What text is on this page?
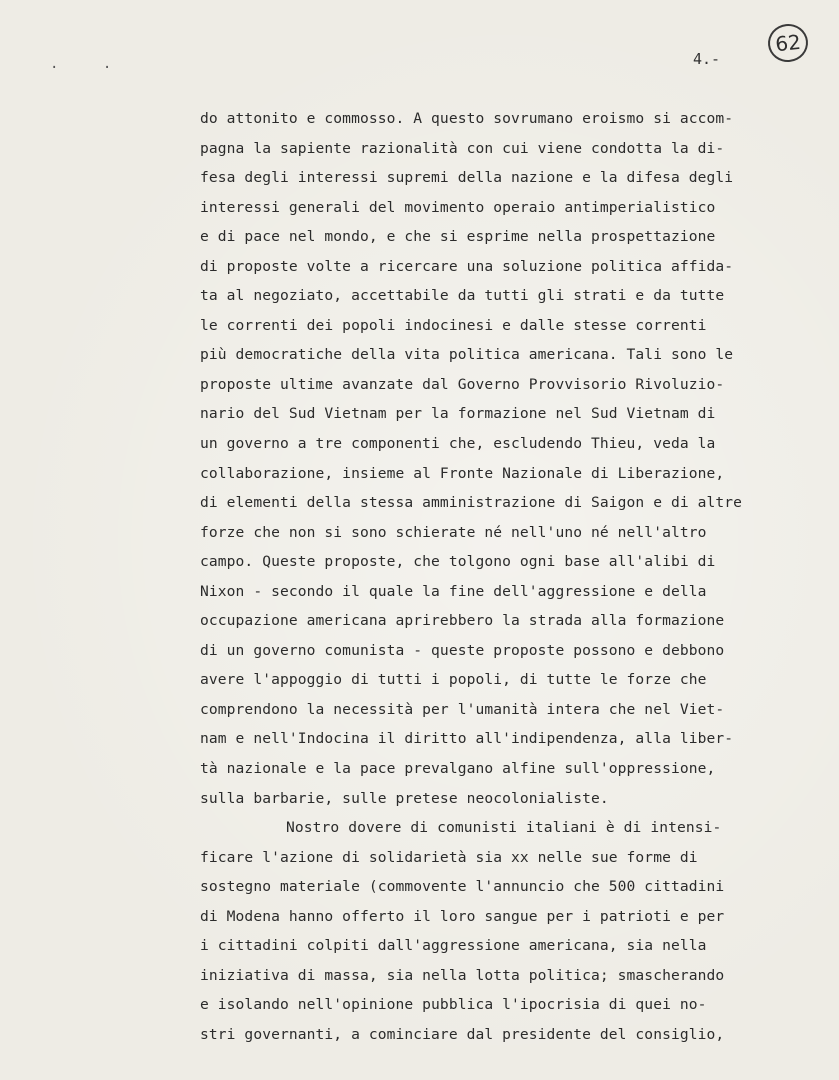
· ·	4.-
62
do attonito e commosso. A questo sovrumano eroismo si accom-
pagna la sapiente razionalità con cui viene condotta la di-
fesa degli interessi supremi della nazione e la difesa degli
interessi generali del movimento operaio antimperialistico
e di pace nel mondo, e che si esprime nella prospettazione
di proposte volte a ricercare una soluzione politica affida-
ta al negoziato, accettabile da tutti gli strati e da tutte
le correnti dei popoli indocinesi e dalle stesse correnti
più democratiche della vita politica americana. Tali sono le
proposte ultime avanzate dal Governo Provvisorio Rivoluzio-
nario del Sud Vietnam per la formazione nel Sud Vietnam di
un governo a tre componenti che, escludendo Thieu, veda la
collaborazione, insieme al Fronte Nazionale di Liberazione,
di elementi della stessa amministrazione di Saigon e di altre
forze che non si sono schierate né nell'uno né nell'altro
campo. Queste proposte, che tolgono ogni base all'alibi di
Nixon - secondo il quale la fine dell'aggressione e della
occupazione americana aprirebbero la strada alla formazione
di un governo comunista - queste proposte possono e debbono
avere l'appoggio di tutti i popoli, di tutte le forze che
comprendono la necessità per l'umanità intera che nel Viet-
nam e nell'Indocina il diritto all'indipendenza, alla liber-
tà nazionale e la pace prevalgano alfine sull'oppressione,
sulla barbarie, sulle pretese neocolonialiste.
Nostro dovere di comunisti italiani è di intensi-
ficare l'azione di solidarietà sia xx nelle sue forme di
sostegno materiale (commovente l'annuncio che 500 cittadini
di Modena hanno offerto il loro sangue per i patrioti e per
i cittadini colpiti dall'aggressione americana, sia nella
iniziativa di massa, sia nella lotta politica; smascherando
e isolando nell'opinione pubblica l'ipocrisia di quei no-
stri governanti, a cominciare dal presidente del consiglio,
